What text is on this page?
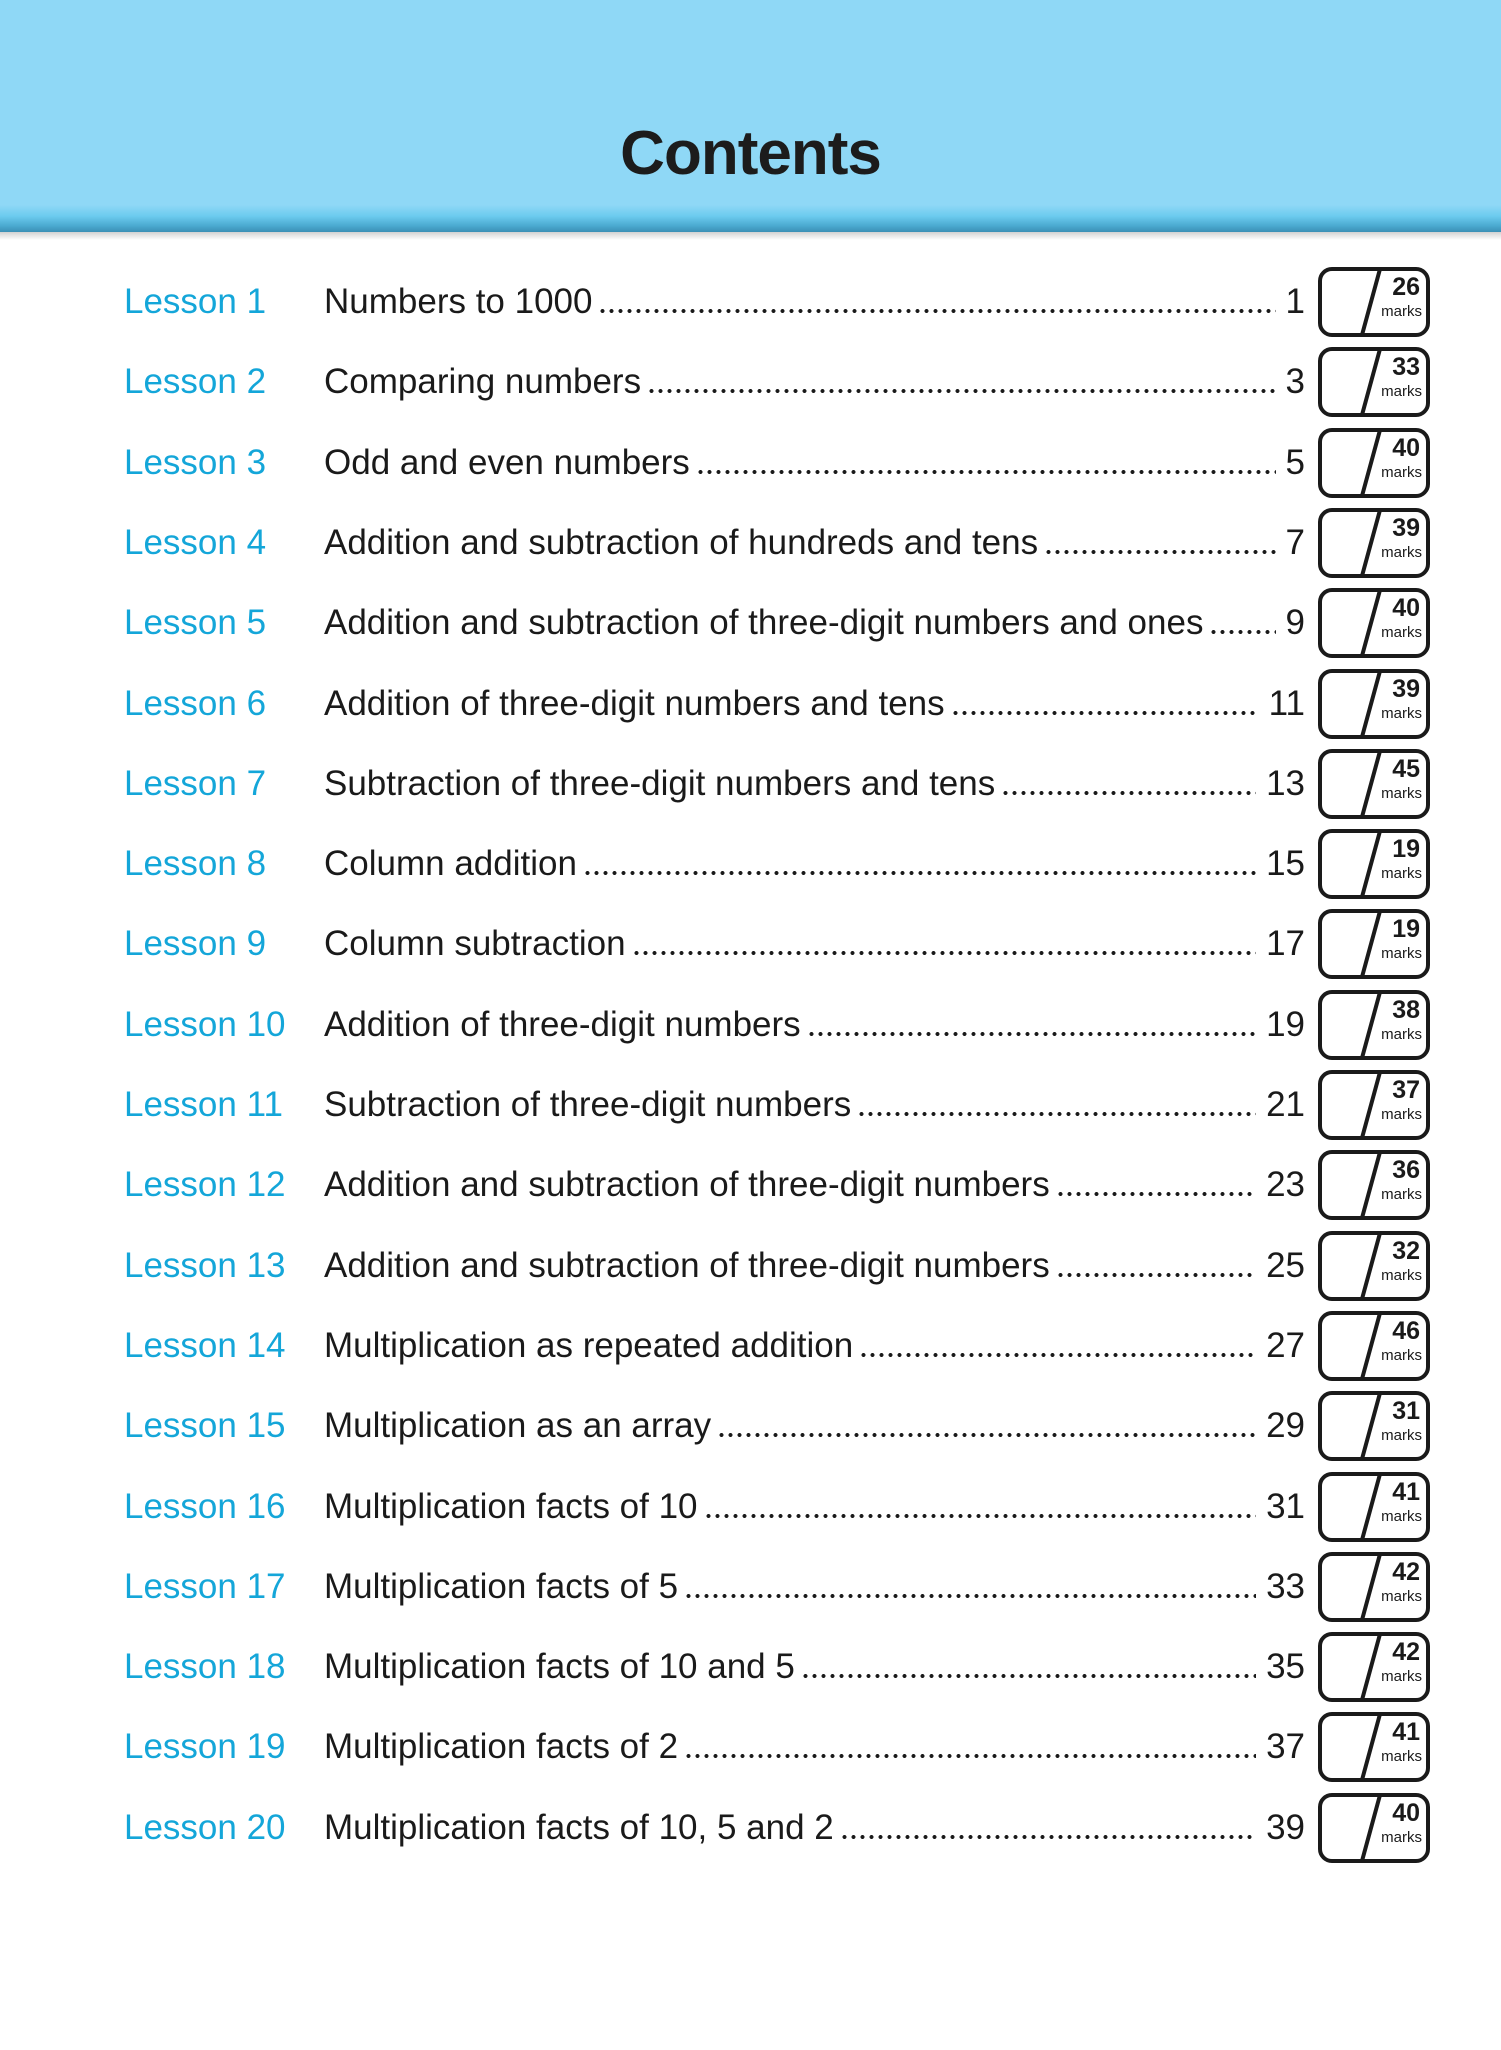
Contents
Lesson 1 Numbers to 1000	1	26
marks
Lesson 2 Comparing numbers	3	33
marks
Lesson 3 Odd and even numbers	5	40
marks
Lesson 4 Addition and subtraction of hundreds and tens	7	39
marks
Lesson 5 Addition and subtraction of three-digit numbers and ones 9	40
marks
Lesson 6 Addition of three-digit numbers and tens	11	39
marks
Lesson 7 Subtraction of three-digit numbers and tens	13	45
marks
Lesson 8 Column addition	15	19
marks
Lesson 9 Column subtraction	17	19
marks
Lesson 10 Addition of three-digit numbers	19	38
marks
Lesson 11 Subtraction of three-digit numbers	21	37
marks
Lesson 12 Addition and subtraction of three-digit numbers	23	36
marks
Lesson 13 Addition and subtraction of three-digit numbers	25	32
marks
Lesson 14 Multiplication as repeated addition	27	46
marks
Lesson 15 Multiplication as an array	29	31
marks
Lesson 16 Multiplication facts of 10	31	41
marks
Lesson 17 Multiplication facts of 5	33	42
marks
Lesson 18 Multiplication facts of 10 and 5	35	42
marks
Lesson 19 Multiplication facts of 2	37	41
marks
Lesson 20 Multiplication facts of 10, 5 and 2	39	40
marks
